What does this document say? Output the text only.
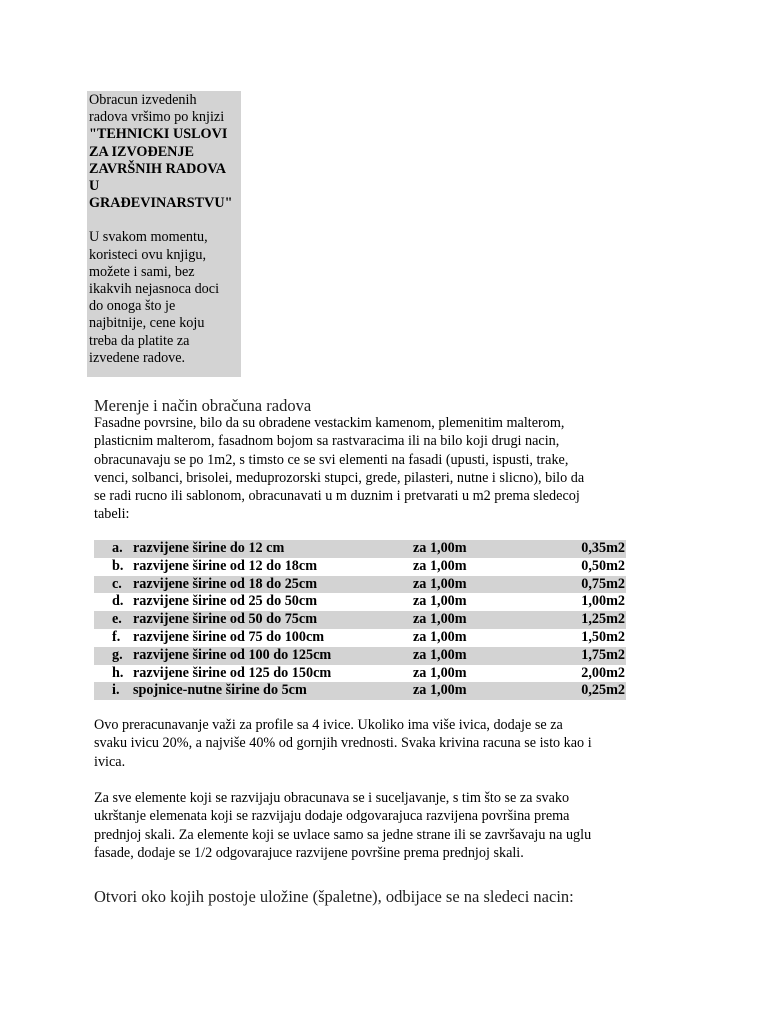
Obracun izvedenih
radova vršimo po knjizi
"TEHNICKI USLOVI
ZA IZVOĐENJE
ZAVRŠNIH RADOVA
U
GRAĐEVINARSTVU"
U svakom momentu,
koristeci ovu knjigu,
možete i sami, bez
ikakvih nejasnoca doci
do onoga što je
najbitnije, cene koju
treba da platite za
izvedene radove.
Merenje i način obračuna radova
Fasadne povrsine, bilo da su obradene vestackim kamenom, plemenitim malterom,
plasticnim malterom, fasadnom bojom sa rastvaracima ili na bilo koji drugi nacin,
obracunavaju se po 1m2, s timsto ce se svi elementi na fasadi (upusti, ispusti, trake,
venci, solbanci, brisolei, meduprozorski stupci, grede, pilasteri, nutne i slicno), bilo da
se radi rucno ili sablonom, obracunavati u m duznim i pretvarati u m2 prema sledecoj
tabeli:
a. razvijene širine do 12 cm	za 1,00m	0,35m2
b. razvijene širine od 12 do 18cm	za 1,00m	0,50m2
c. razvijene širine od 18 do 25cm	za 1,00m	0,75m2
d. razvijene širine od 25 do 50cm	za 1,00m	1,00m2
e. razvijene širine od 50 do 75cm	za 1,00m	1,25m2
f. razvijene širine od 75 do 100cm	za 1,00m	1,50m2
g. razvijene širine od 100 do 125cm	za 1,00m	1,75m2
h. razvijene širine od 125 do 150cm	za 1,00m	2,00m2
i. spojnice-nutne širine do 5cm	za 1,00m	0,25m2
Ovo preracunavanje važi za profile sa 4 ivice. Ukoliko ima više ivica, dodaje se za
svaku ivicu 20%, a najviše 40% od gornjih vrednosti. Svaka krivina racuna se isto kao i
ivica.
Za sve elemente koji se razvijaju obracunava se i suceljavanje, s tim što se za svako
ukrštanje elemenata koji se razvijaju dodaje odgovarajuca razvijena površina prema
prednjoj skali. Za elemente koji se uvlace samo sa jedne strane ili se završavaju na uglu
fasade, dodaje se 1/2 odgovarajuce razvijene površine prema prednjoj skali.
Otvori oko kojih postoje uložine (špaletne), odbijace se na sledeci nacin:
